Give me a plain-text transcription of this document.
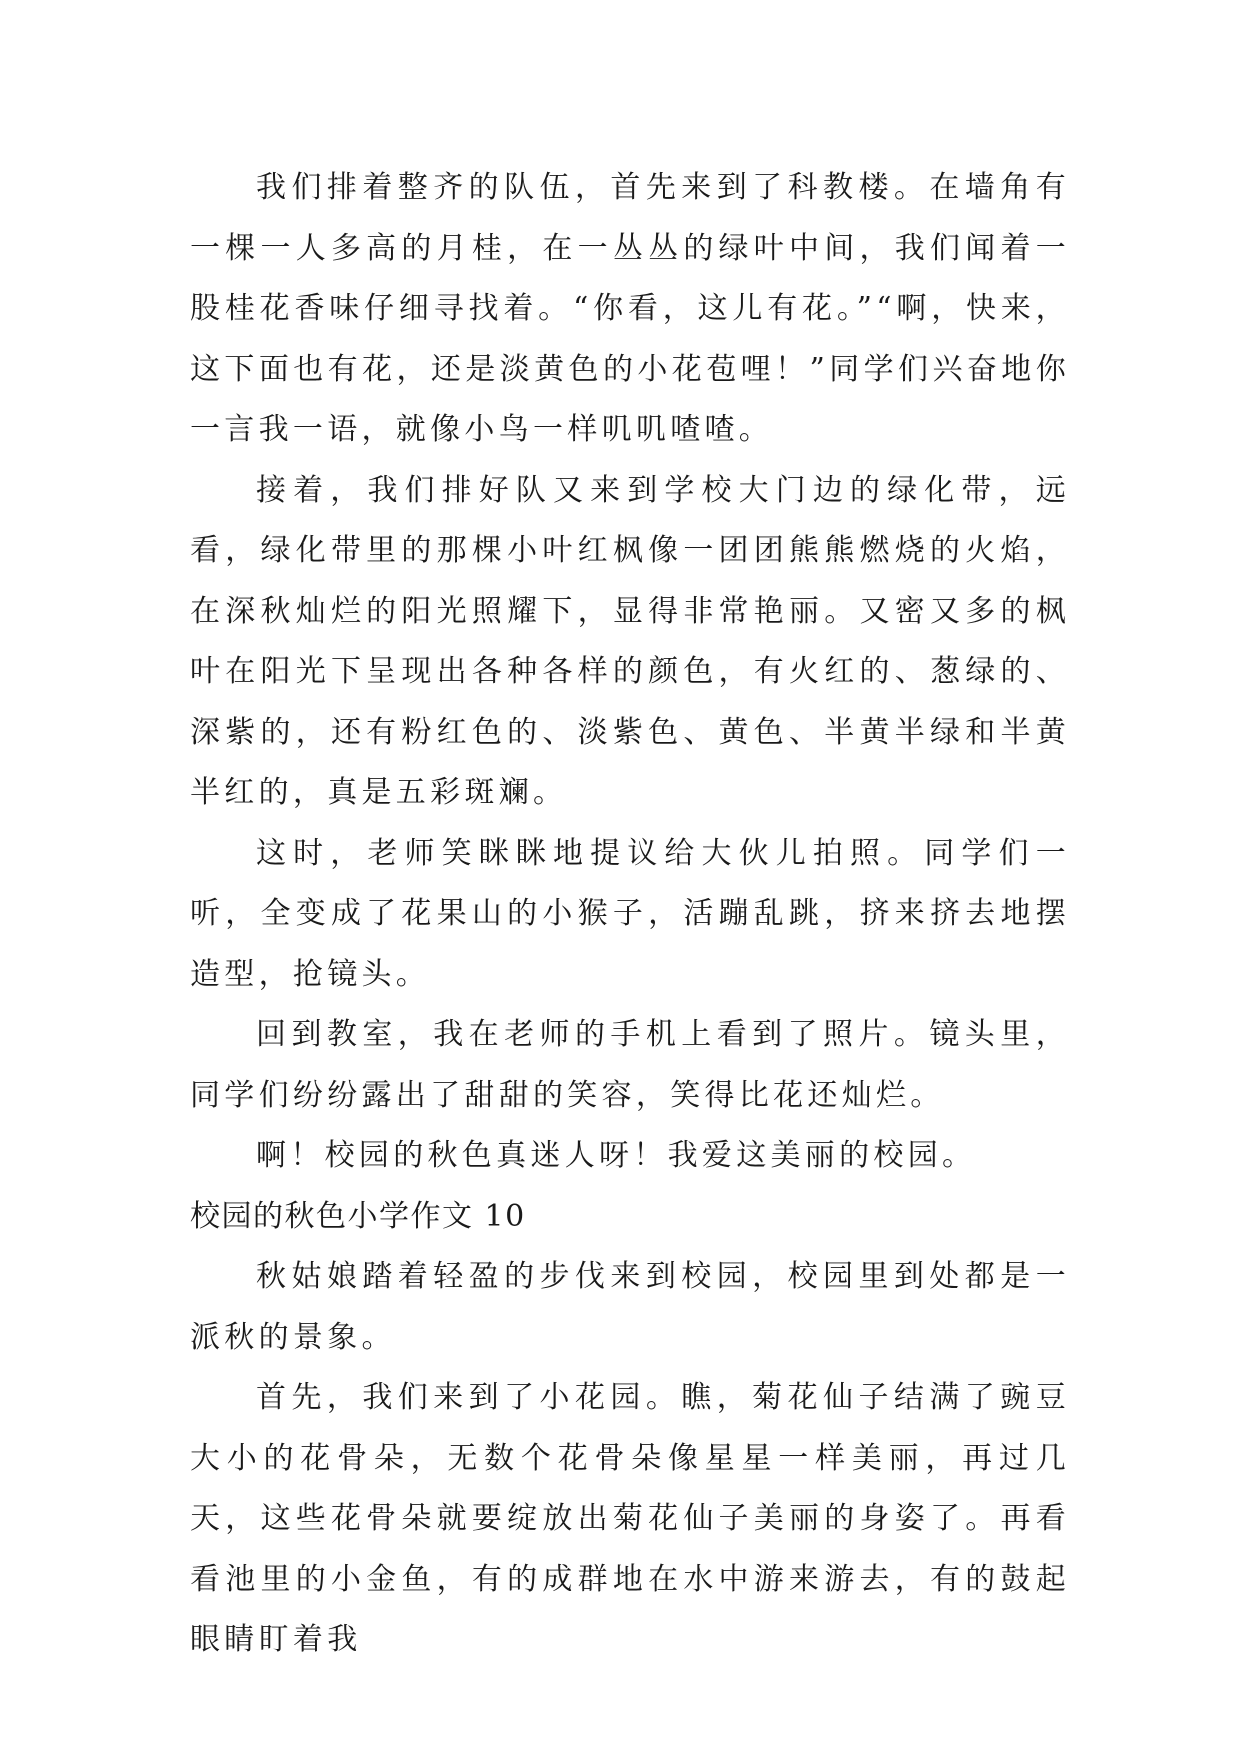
我们排着整齐的队伍，首先来到了科教楼。在墙角有一棵一人多高的月桂，在一丛丛的绿叶中间，我们闻着一股桂花香味仔细寻找着。“你看，这儿有花。”“啊，快来，这下面也有花，还是淡黄色的小花苞哩！”同学们兴奋地你一言我一语，就像小鸟一样叽叽喳喳。

接着，我们排好队又来到学校大门边的绿化带，远看，绿化带里的那棵小叶红枫像一团团熊熊燃烧的火焰，在深秋灿烂的阳光照耀下，显得非常艳丽。又密又多的枫叶在阳光下呈现出各种各样的颜色，有火红的、葱绿的、深紫的，还有粉红色的、淡紫色、黄色、半黄半绿和半黄半红的，真是五彩斑斓。

这时，老师笑眯眯地提议给大伙儿拍照。同学们一听，全变成了花果山的小猴子，活蹦乱跳，挤来挤去地摆造型，抢镜头。

回到教室，我在老师的手机上看到了照片。镜头里，同学们纷纷露出了甜甜的笑容，笑得比花还灿烂。

啊！校园的秋色真迷人呀！我爱这美丽的校园。

校园的秋色小学作文 10

秋姑娘踏着轻盈的步伐来到校园，校园里到处都是一派秋的景象。

首先，我们来到了小花园。瞧，菊花仙子结满了豌豆大小的花骨朵，无数个花骨朵像星星一样美丽，再过几天，这些花骨朵就要绽放出菊花仙子美丽的身姿了。再看看池里的小金鱼，有的成群地在水中游来游去，有的鼓起眼睛盯着我
